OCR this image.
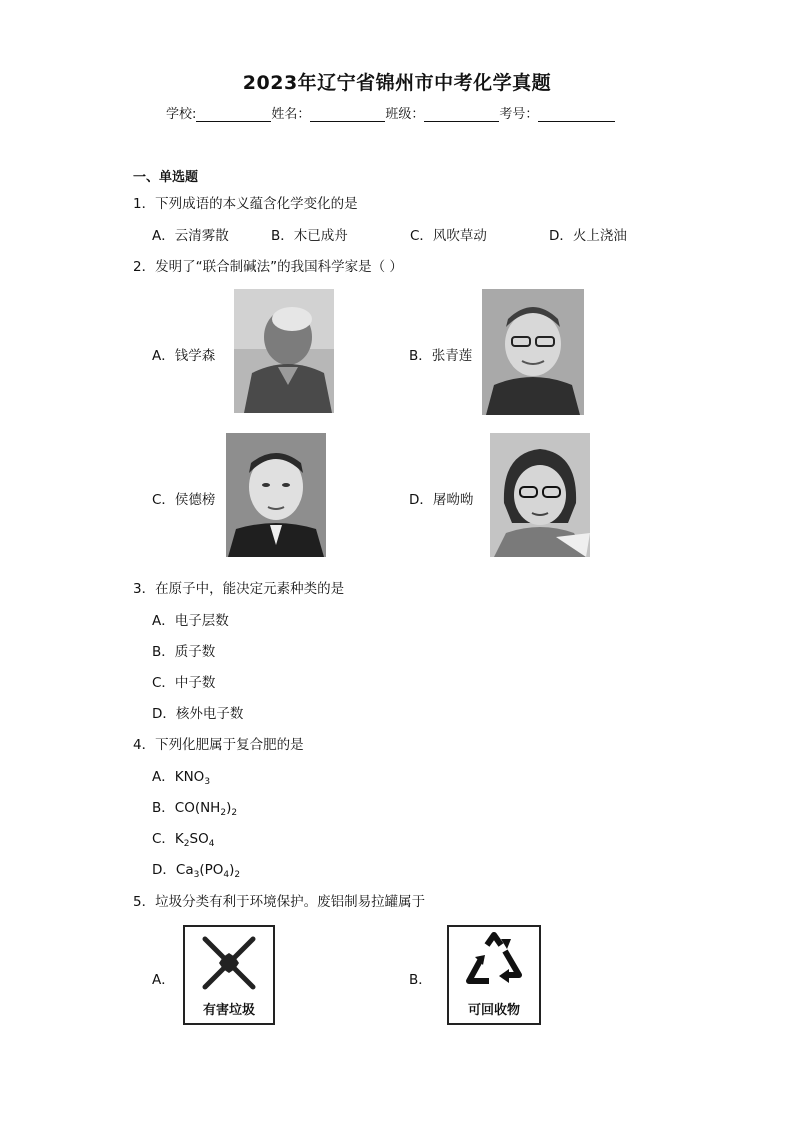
2023年辽宁省锦州市中考化学真题
学校:	姓名：	班级：	考号：
一、单选题
1．下列成语的本义蕴含化学变化的是
A．云清雾散	B．木已成舟	C．风吹草动	D．火上浇油
2．发明了“联合制碱法”的我国科学家是（ ）
A．钱学森	B．张青莲
C．侯德榜	D．屠呦呦
3．在原子中，能决定元素种类的是
A．电子层数
B．质子数
C．中子数
D．核外电子数
4．下列化肥属于复合肥的是
A．$KNO_3$
B．$CO(NH_2)_2$
C．$K_2SO_4$
D．$Ca_3(PO_4)_2$
5．垃圾分类有利于环境保护。废铝制易拉罐属于
A．
有害垃圾
B．
可回收物
